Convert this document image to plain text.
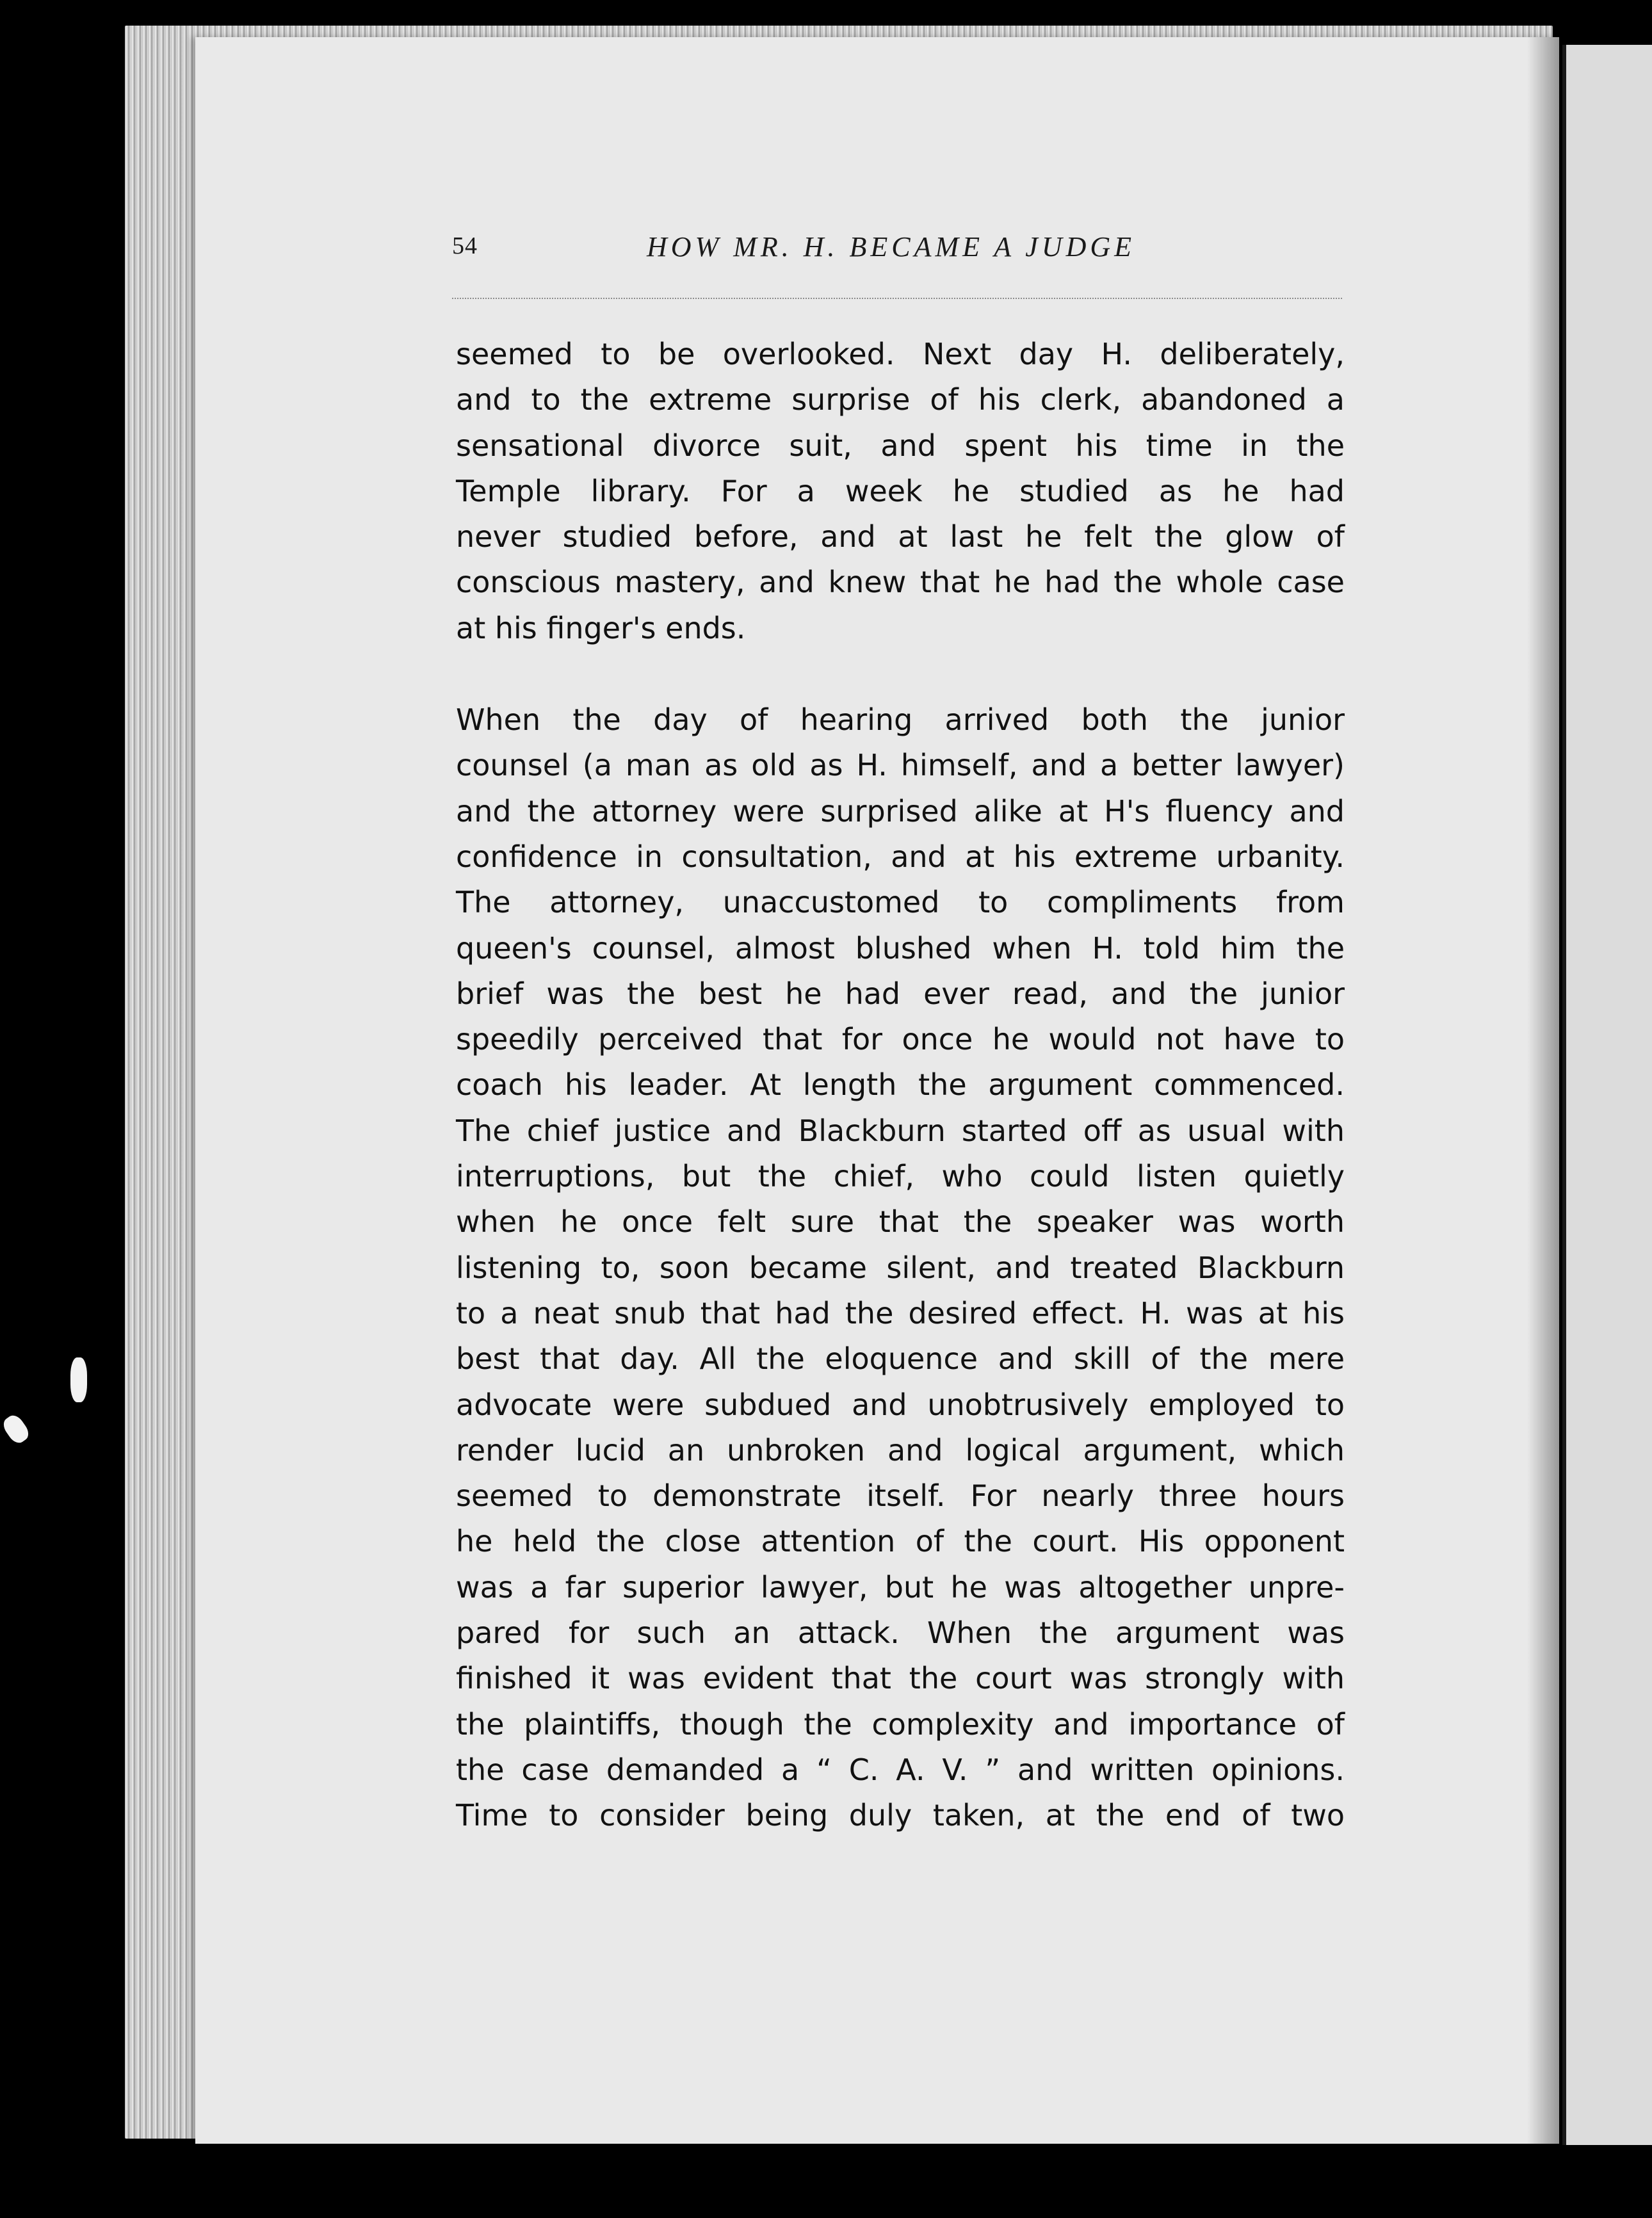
54	HOW MR. H. BECAME A JUDGE
seemed to be overlooked. Next day H. deliberately,
and to the extreme surprise of his clerk, abandoned a
sensational divorce suit, and spent his time in the
Temple library. For a week he studied as he had
never studied before, and at last he felt the glow of
conscious mastery, and knew that he had the whole case
at his finger's ends.
When the day of hearing arrived both the junior
counsel (a man as old as H. himself, and a better lawyer)
and the attorney were surprised alike at H's fluency and
confidence in consultation, and at his extreme urbanity.
The attorney, unaccustomed to compliments from
queen's counsel, almost blushed when H. told him the
brief was the best he had ever read, and the junior
speedily perceived that for once he would not have to
coach his leader. At length the argument commenced.
The chief justice and Blackburn started off as usual with
interruptions, but the chief, who could listen quietly
when he once felt sure that the speaker was worth
listening to, soon became silent, and treated Blackburn
to a neat snub that had the desired effect. H. was at his
best that day. All the eloquence and skill of the mere
advocate were subdued and unobtrusively employed to
render lucid an unbroken and logical argument, which
seemed to demonstrate itself. For nearly three hours
he held the close attention of the court. His opponent
was a far superior lawyer, but he was altogether unpre-
pared for such an attack. When the argument was
finished it was evident that the court was strongly with
the plaintiffs, though the complexity and importance of
the case demanded a “ C. A. V. ” and written opinions.
Time to consider being duly taken, at the end of two
